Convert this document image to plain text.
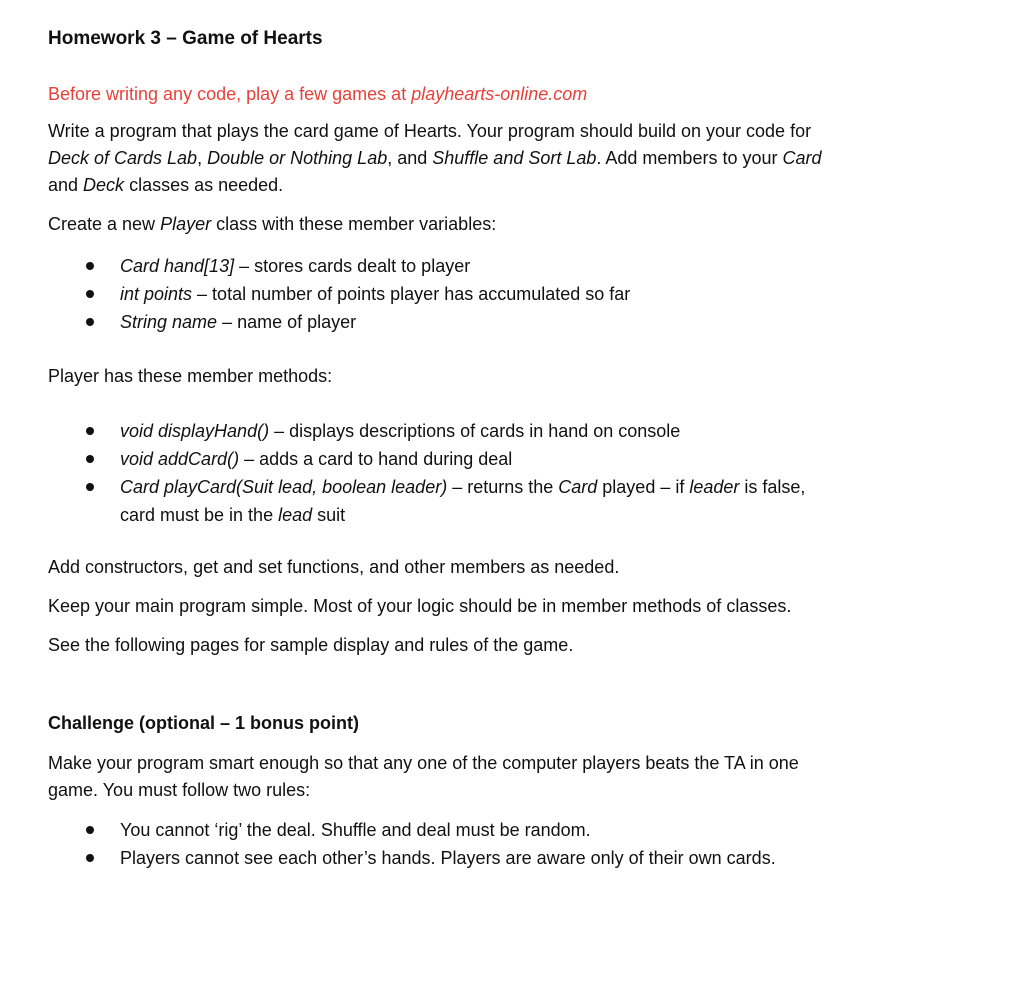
Homework 3 – Game of Hearts
Before writing any code, play a few games at playhearts-online.com
Write a program that plays the card game of Hearts. Your program should build on your code for
Deck of Cards Lab, Double or Nothing Lab, and Shuffle and Sort Lab. Add members to your Card
and Deck classes as needed.
Create a new Player class with these member variables:
Card hand[13] – stores cards dealt to player
int points – total number of points player has accumulated so far
String name – name of player
Player has these member methods:
void displayHand() – displays descriptions of cards in hand on console
void addCard() – adds a card to hand during deal
Card playCard(Suit lead, boolean leader) – returns the Card played – if leader is false,
card must be in the lead suit
Add constructors, get and set functions, and other members as needed.
Keep your main program simple. Most of your logic should be in member methods of classes.
See the following pages for sample display and rules of the game.
Challenge (optional – 1 bonus point)
Make your program smart enough so that any one of the computer players beats the TA in one
game. You must follow two rules:
You cannot ‘rig’ the deal. Shuffle and deal must be random.
Players cannot see each other’s hands. Players are aware only of their own cards.
